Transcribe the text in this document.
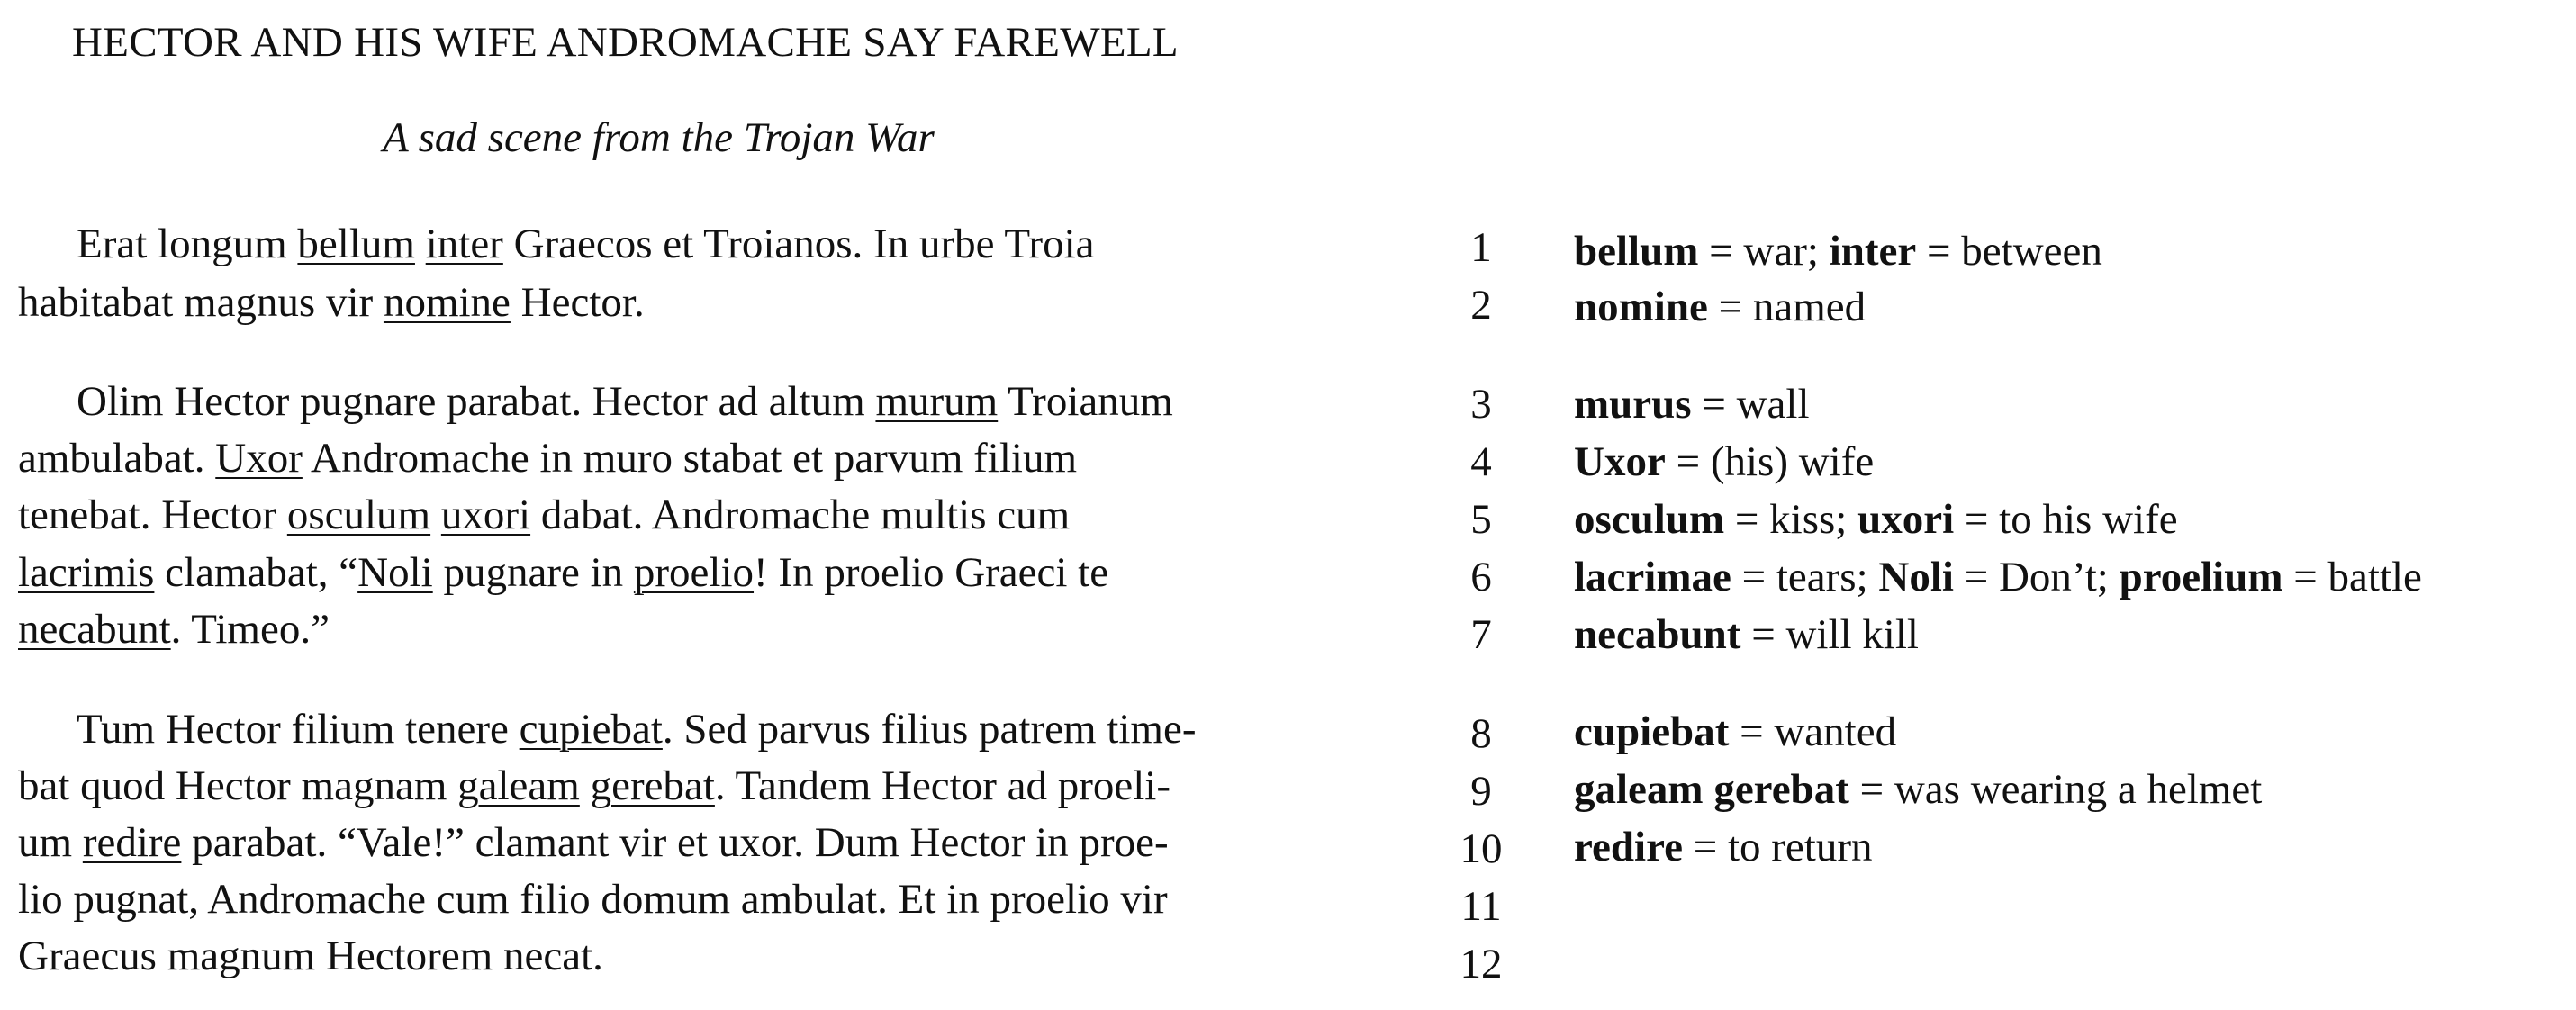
HECTOR AND HIS WIFE ANDROMACHE SAY FAREWELL
A sad scene from the Trojan War
Erat longum bellum inter Graecos et Troianos. In urbe Troia
habitabat magnus vir nomine Hector.
Olim Hector pugnare parabat. Hector ad altum murum Troianum
ambulabat. Uxor Andromache in muro stabat et parvum filium
tenebat. Hector osculum uxori dabat. Andromache multis cum
lacrimis clamabat, “Noli pugnare in proelio! In proelio Graeci te
necabunt. Timeo.”
Tum Hector filium tenere cupiebat. Sed parvus filius patrem time-
bat quod Hector magnam galeam gerebat. Tandem Hector ad proeli-
um redire parabat. “Vale!” clamant vir et uxor. Dum Hector in proe-
lio pugnat, Andromache cum filio domum ambulat. Et in proelio vir
Graecus magnum Hectorem necat.
1
2
3
4
5
6
7
8
9
10
11
12
bellum = war; inter = between
nomine = named
murus = wall
Uxor = (his) wife
osculum = kiss; uxori = to his wife
lacrimae = tears; Noli = Don’t; proelium = battle
necabunt = will kill
cupiebat = wanted
galeam gerebat = was wearing a helmet
redire = to return
